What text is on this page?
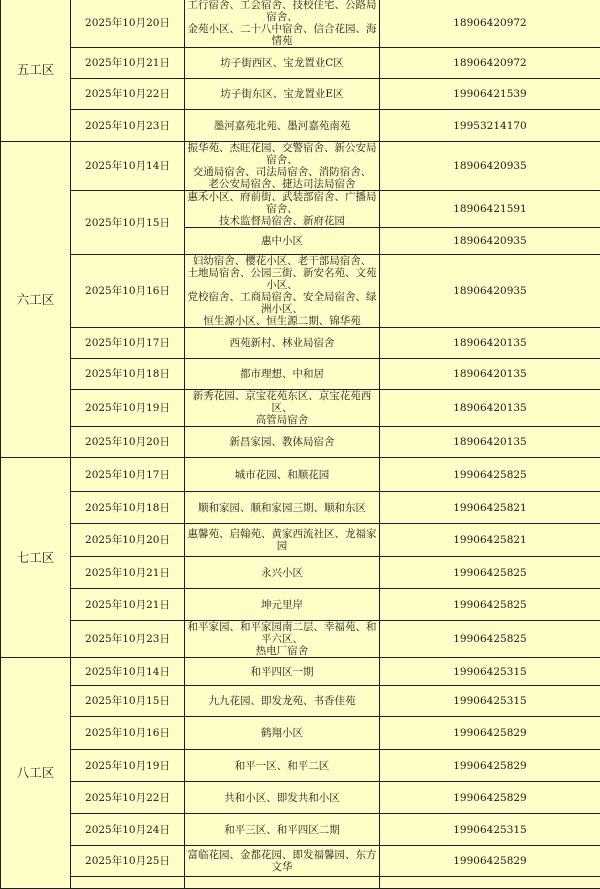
五工区	2025年10月20日	工行宿舍、工会宿舍、技校住宅、公路局宿舍、
金苑小区、二十八中宿舍、信合花园、海情苑	18906420972
	2025年10月21日	坊子街西区、宝龙置业C区	18906420972
	2025年10月22日	坊子街东区、宝龙置业E区	19906421539
	2025年10月23日	墨河嘉苑北苑、墨河嘉苑南苑	19953214170
六工区	2025年10月14日	振华苑、杰旺花园、交警宿舍、新公安局宿舍、
交通局宿舍、司法局宿舍、消防宿舍、
老公安局宿舍、捷达司法局宿舍	18906420935
	2025年10月15日	惠禾小区、府前街、武装部宿舍、广播局宿舍、
技术监督局宿舍、新府花园	18906421591

		惠中小区	18906420935
	2025年10月16日	妇幼宿舍、樱花小区、老干部局宿舍、
土地局宿舍、公园三街、新安名苑、文苑小区、
党校宿舍、工商局宿舍、安全局宿舍、绿洲小区、
恒生源小区、恒生源二期、锦华苑	18906420935
	2025年10月17日	西苑新村、林业局宿舍	18906420135
	2025年10月18日	都市理想、中和居	18906420135
	2025年10月19日	新秀花园、京宝花苑东区、京宝花苑西区、
高管局宿舍	18906420135
	2025年10月20日	新昌家园、教体局宿舍	18906420135
七工区	2025年10月17日	城市花园、和顺花园	19906425825
	2025年10月18日	顺和家园、顺和家园三期、顺和东区	19906425821
	2025年10月20日	惠馨苑、启翰苑、黄家西流社区、龙福家园	19906425821
	2025年10月21日	永兴小区	19906425825
	2025年10月21日	坤元里岸	19906425825
	2025年10月23日	和平家园、和平家园南二层、幸福苑、和平六区、
热电厂宿舍	19906425825
八工区	2025年10月14日	和平四区一期	19906425315
	2025年10月15日	九九花园、即发龙苑、书香佳苑	19906425315
	2025年10月16日	鹤翔小区	19906425829
	2025年10月19日	和平一区、和平二区	19906425829
	2025年10月22日	共和小区、即发共和小区	19906425829
	2025年10月24日	和平三区、和平四区二期	19906425315
	2025年10月25日	富临花园、金都花园、即发福馨园、东方文华	19906425829
